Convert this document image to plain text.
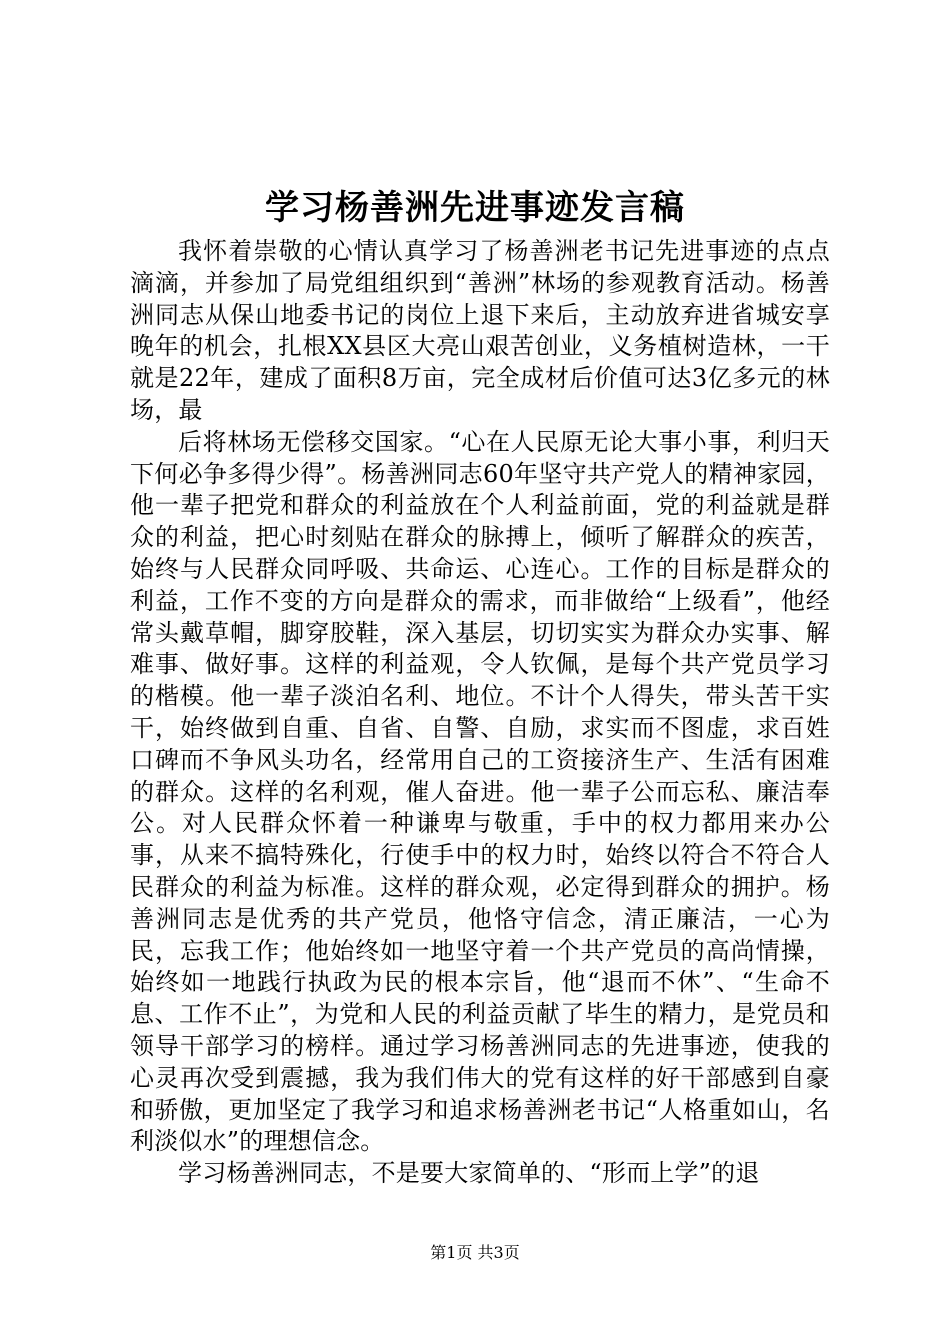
学习杨善洲先进事迹发言稿

我怀着崇敬的心情认真学习了杨善洲老书记先进事迹的点点滴滴，并参加了局党组组织到“善洲”林场的参观教育活动。杨善洲同志从保山地委书记的岗位上退下来后，主动放弃进省城安享晚年的机会，扎根XX县区大亮山艰苦创业，义务植树造林，一干就是22年，建成了面积8万亩，完全成材后价值可达3亿多元的林场，最

后将林场无偿移交国家。“心在人民原无论大事小事，利归天下何必争多得少得”。杨善洲同志60年坚守共产党人的精神家园，他一辈子把党和群众的利益放在个人利益前面，党的利益就是群众的利益，把心时刻贴在群众的脉搏上，倾听了解群众的疾苦，始终与人民群众同呼吸、共命运、心连心。工作的目标是群众的利益，工作不变的方向是群众的需求，而非做给“上级看”，他经常头戴草帽，脚穿胶鞋，深入基层，切切实实为群众办实事、解难事、做好事。这样的利益观，令人钦佩，是每个共产党员学习的楷模。他一辈子淡泊名利、地位。不计个人得失，带头苦干实干，始终做到自重、自省、自警、自励，求实而不图虚，求百姓口碑而不争风头功名，经常用自己的工资接济生产、生活有困难的群众。这样的名利观，催人奋进。他一辈子公而忘私、廉洁奉公。对人民群众怀着一种谦卑与敬重，手中的权力都用来办公事，从来不搞特殊化，行使手中的权力时，始终以符合不符合人民群众的利益为标准。这样的群众观，必定得到群众的拥护。杨善洲同志是优秀的共产党员，他恪守信念，清正廉洁，一心为民，忘我工作；他始终如一地坚守着一个共产党员的高尚情操，始终如一地践行执政为民的根本宗旨，他“退而不休”、“生命不息、工作不止”，为党和人民的利益贡献了毕生的精力，是党员和领导干部学习的榜样。通过学习杨善洲同志的先进事迹，使我的心灵再次受到震撼，我为我们伟大的党有这样的好干部感到自豪和骄傲，更加坚定了我学习和追求杨善洲老书记“人格重如山，名利淡似水”的理想信念。

学习杨善洲同志，不是要大家简单的、“形而上学”的退

第1页 共3页
